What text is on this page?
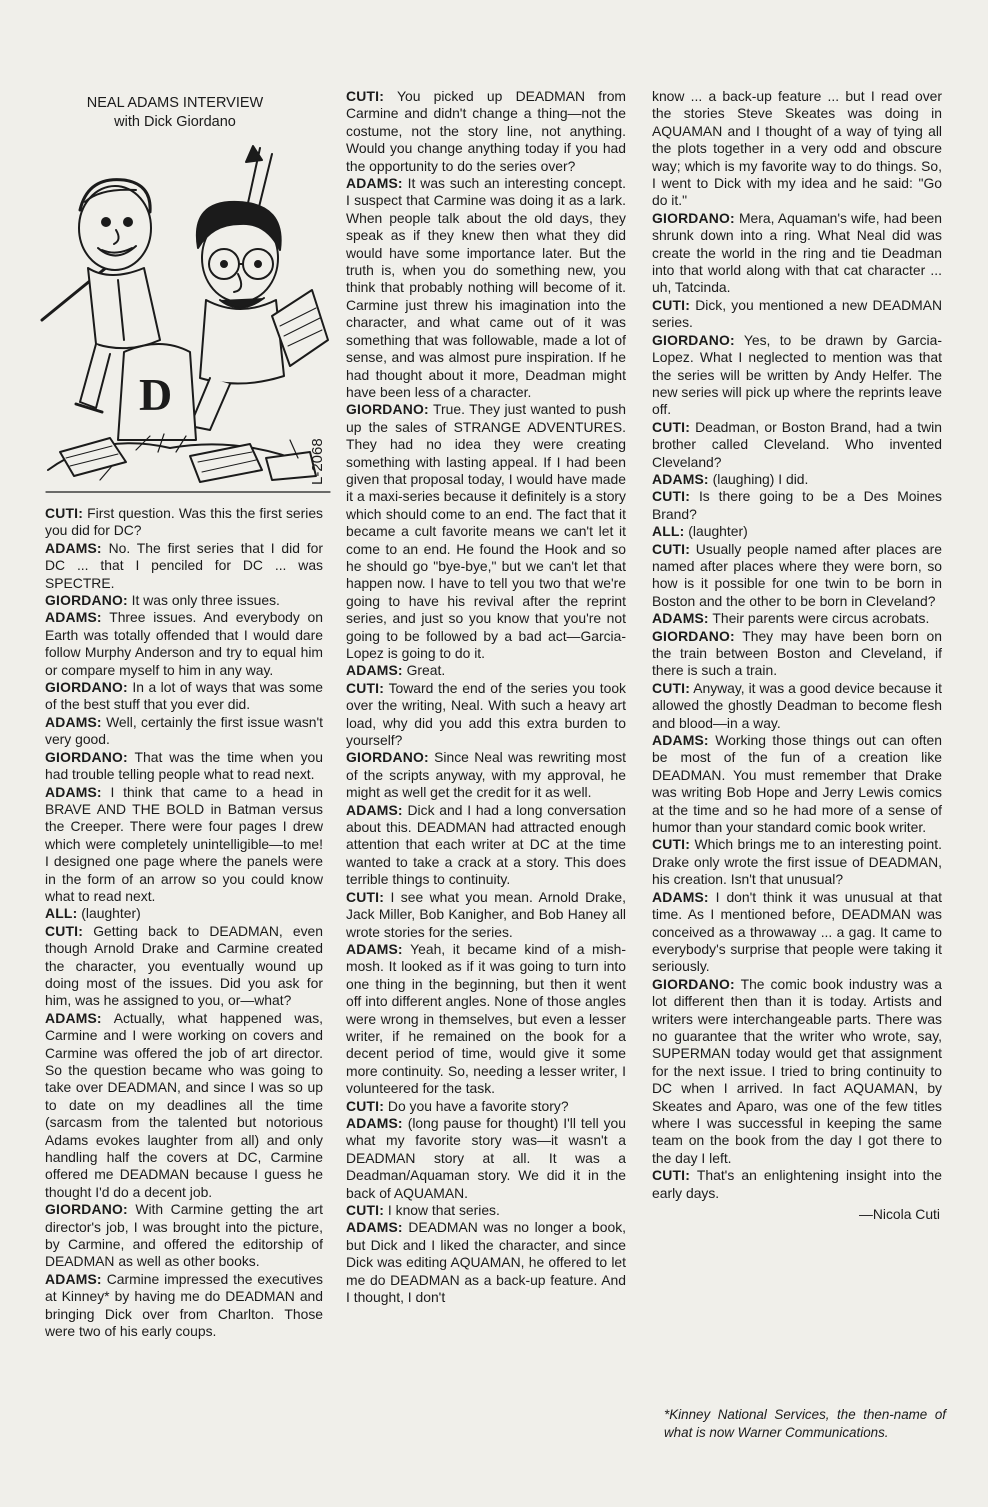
NEAL ADAMS INTERVIEW
with Dick Giordano
D
L-2068

CUTI: First question. Was this the first series you did for DC?

ADAMS: No. The first series that I did for DC ... that I penciled for DC ... was SPECTRE.

GIORDANO: It was only three issues.

ADAMS: Three issues. And everybody on Earth was totally offended that I would dare follow Murphy Anderson and try to equal him or compare myself to him in any way.

GIORDANO: In a lot of ways that was some of the best stuff that you ever did.

ADAMS: Well, certainly the first issue wasn't very good.

GIORDANO: That was the time when you had trouble telling people what to read next.

ADAMS: I think that came to a head in BRAVE AND THE BOLD in Batman versus the Creeper. There were four pages I drew which were completely unintelligible—to me! I designed one page where the panels were in the form of an arrow so you could know what to read next.

ALL: (laughter)

CUTI: Getting back to DEADMAN, even though Arnold Drake and Carmine created the character, you eventually wound up doing most of the issues. Did you ask for him, was he assigned to you, or—what?

ADAMS: Actually, what happened was, Carmine and I were working on covers and Carmine was offered the job of art director. So the question became who was going to take over DEADMAN, and since I was so up to date on my deadlines all the time (sarcasm from the talented but notorious Adams evokes laughter from all) and only handling half the covers at DC, Carmine offered me DEADMAN because I guess he thought I'd do a decent job.

GIORDANO: With Carmine getting the art director's job, I was brought into the picture, by Carmine, and offered the editorship of DEADMAN as well as other books.

ADAMS: Carmine impressed the executives at Kinney* by having me do DEADMAN and bringing Dick over from Charlton. Those were two of his early coups.

CUTI: You picked up DEADMAN from Carmine and didn't change a thing—not the costume, not the story line, not anything. Would you change anything today if you had the opportunity to do the series over?

ADAMS: It was such an interesting concept. I suspect that Carmine was doing it as a lark. When people talk about the old days, they speak as if they knew then what they did would have some importance later. But the truth is, when you do something new, you think that probably nothing will become of it. Carmine just threw his imagination into the character, and what came out of it was something that was followable, made a lot of sense, and was almost pure inspiration. If he had thought about it more, Deadman might have been less of a character.

GIORDANO: True. They just wanted to push up the sales of STRANGE ADVENTURES. They had no idea they were creating something with lasting appeal. If I had been given that proposal today, I would have made it a maxi-series because it definitely is a story which should come to an end. The fact that it became a cult favorite means we can't let it come to an end. He found the Hook and so he should go "bye-bye," but we can't let that happen now. I have to tell you two that we're going to have his revival after the reprint series, and just so you know that you're not going to be followed by a bad act—Garcia-Lopez is going to do it.

ADAMS: Great.

CUTI: Toward the end of the series you took over the writing, Neal. With such a heavy art load, why did you add this extra burden to yourself?

GIORDANO: Since Neal was rewriting most of the scripts anyway, with my approval, he might as well get the credit for it as well.

ADAMS: Dick and I had a long conversation about this. DEADMAN had attracted enough attention that each writer at DC at the time wanted to take a crack at a story. This does terrible things to continuity.

CUTI: I see what you mean. Arnold Drake, Jack Miller, Bob Kanigher, and Bob Haney all wrote stories for the series.

ADAMS: Yeah, it became kind of a mish-mosh. It looked as if it was going to turn into one thing in the beginning, but then it went off into different angles. None of those angles were wrong in themselves, but even a lesser writer, if he remained on the book for a decent period of time, would give it some more continuity. So, needing a lesser writer, I volunteered for the task.

CUTI: Do you have a favorite story?

ADAMS: (long pause for thought) I'll tell you what my favorite story was—it wasn't a DEADMAN story at all. It was a Deadman/Aquaman story. We did it in the back of AQUAMAN.

CUTI: I know that series.

ADAMS: DEADMAN was no longer a book, but Dick and I liked the character, and since Dick was editing AQUAMAN, he offered to let me do DEADMAN as a back-up feature. And I thought, I don't

know ... a back-up feature ... but I read over the stories Steve Skeates was doing in AQUAMAN and I thought of a way of tying all the plots together in a very odd and obscure way; which is my favorite way to do things. So, I went to Dick with my idea and he said: "Go do it."

GIORDANO: Mera, Aquaman's wife, had been shrunk down into a ring. What Neal did was create the world in the ring and tie Deadman into that world along with that cat character ... uh, Tatcinda.

CUTI: Dick, you mentioned a new DEADMAN series.

GIORDANO: Yes, to be drawn by Garcia-Lopez. What I neglected to mention was that the series will be written by Andy Helfer. The new series will pick up where the reprints leave off.

CUTI: Deadman, or Boston Brand, had a twin brother called Cleveland. Who invented Cleveland?

ADAMS: (laughing) I did.

CUTI: Is there going to be a Des Moines Brand?

ALL: (laughter)

CUTI: Usually people named after places are named after places where they were born, so how is it possible for one twin to be born in Boston and the other to be born in Cleveland?

ADAMS: Their parents were circus acrobats.

GIORDANO: They may have been born on the train between Boston and Cleveland, if there is such a train.

CUTI: Anyway, it was a good device because it allowed the ghostly Deadman to become flesh and blood—in a way.

ADAMS: Working those things out can often be most of the fun of a creation like DEADMAN. You must remember that Drake was writing Bob Hope and Jerry Lewis comics at the time and so he had more of a sense of humor than your standard comic book writer.

CUTI: Which brings me to an interesting point. Drake only wrote the first issue of DEADMAN, his creation. Isn't that unusual?

ADAMS: I don't think it was unusual at that time. As I mentioned before, DEADMAN was conceived as a throwaway ... a gag. It came to everybody's surprise that people were taking it seriously.

GIORDANO: The comic book industry was a lot different then than it is today. Artists and writers were interchangeable parts. There was no guarantee that the writer who wrote, say, SUPERMAN today would get that assignment for the next issue. I tried to bring continuity to DC when I arrived. In fact AQUAMAN, by Skeates and Aparo, was one of the few titles where I was successful in keeping the same team on the book from the day I got there to the day I left.

CUTI: That's an enlightening insight into the early days.

—Nicola Cuti
*Kinney National Services, the then-name of what is now Warner Communications.
